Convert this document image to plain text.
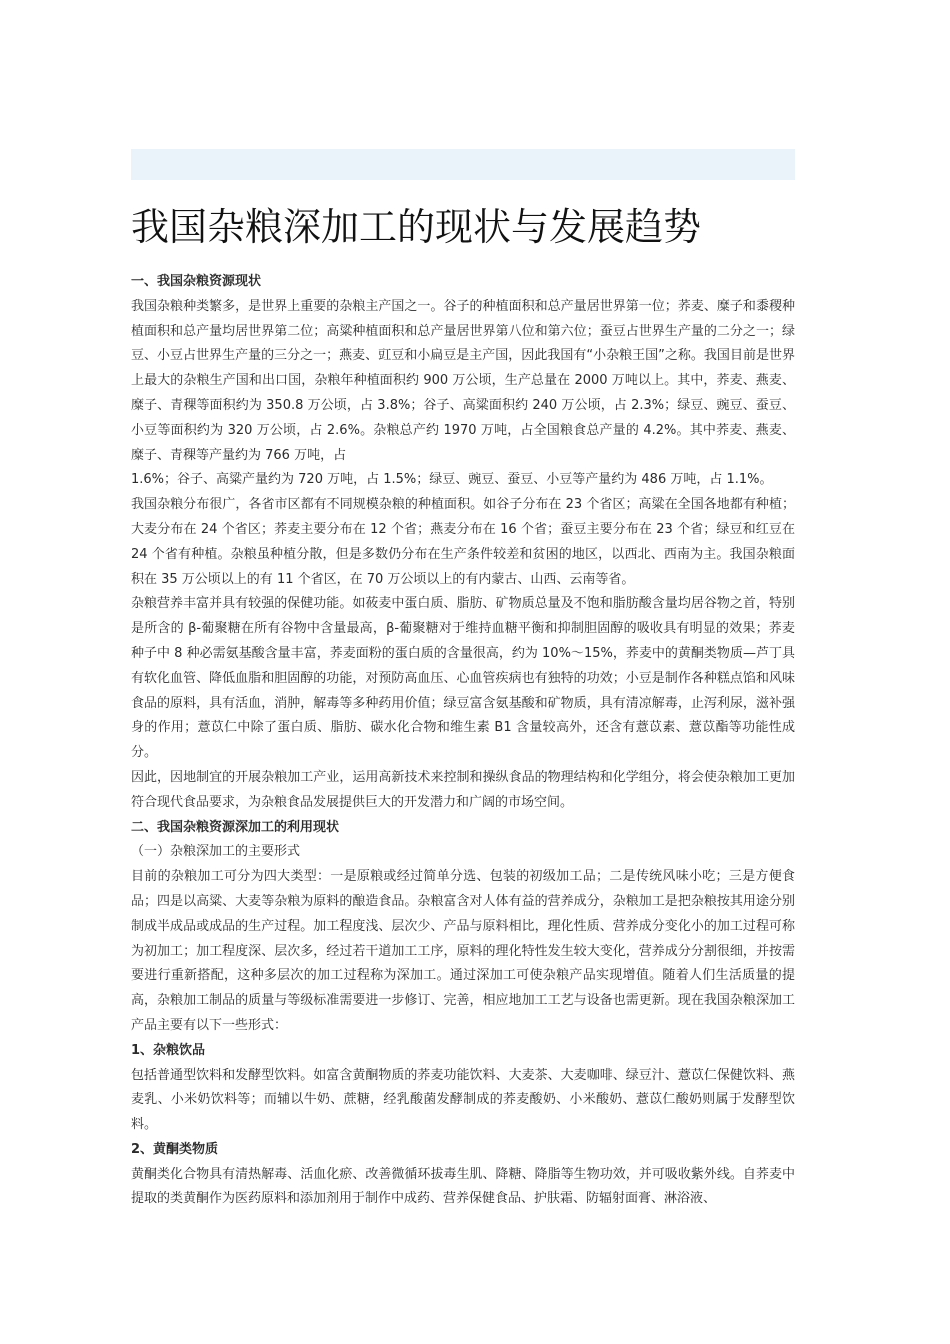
我国杂粮深加工的现状与发展趋势

一、我国杂粮资源现状

我国杂粮种类繁多，是世界上重要的杂粮主产国之一。谷子的种植面积和总产量居世界第一位；荞麦、糜子和黍稷种植面积和总产量均居世界第二位；高粱种植面积和总产量居世界第八位和第六位；蚕豆占世界生产量的二分之一；绿豆、小豆占世界生产量的三分之一；燕麦、豇豆和小扁豆是主产国，因此我国有“小杂粮王国”之称。我国目前是世界上最大的杂粮生产国和出口国，杂粮年种植面积约 900 万公顷，生产总量在 2000 万吨以上。其中，荞麦、燕麦、糜子、青稞等面积约为 350.8 万公顷，占 3.8%；谷子、高粱面积约 240 万公顷，占 2.3%；绿豆、豌豆、蚕豆、小豆等面积约为 320 万公顷，占 2.6%。杂粮总产约 1970 万吨，占全国粮食总产量的 4.2%。其中荞麦、燕麦、糜子、青稞等产量约为 766 万吨，占

1.6%；谷子、高粱产量约为 720 万吨，占 1.5%；绿豆、豌豆、蚕豆、小豆等产量约为 486 万吨，占 1.1%。

我国杂粮分布很广，各省市区都有不同规模杂粮的种植面积。如谷子分布在 23 个省区；高粱在全国各地都有种植；大麦分布在 24 个省区；荞麦主要分布在 12 个省；燕麦分布在 16 个省；蚕豆主要分布在 23 个省；绿豆和红豆在 24 个省有种植。杂粮虽种植分散，但是多数仍分布在生产条件较差和贫困的地区，以西北、西南为主。我国杂粮面积在 35 万公顷以上的有 11 个省区，在 70 万公顷以上的有内蒙古、山西、云南等省。

杂粮营养丰富并具有较强的保健功能。如莜麦中蛋白质、脂肪、矿物质总量及不饱和脂肪酸含量均居谷物之首，特别是所含的 β-葡聚糖在所有谷物中含量最高，β-葡聚糖对于维持血糖平衡和抑制胆固醇的吸收具有明显的效果；荞麦种子中 8 种必需氨基酸含量丰富，荞麦面粉的蛋白质的含量很高，约为 10%～15%，荞麦中的黄酮类物质—芦丁具有软化血管、降低血脂和胆固醇的功能，对预防高血压、心血管疾病也有独特的功效；小豆是制作各种糕点馅和风味食品的原料，具有活血，消肿，解毒等多种药用价值；绿豆富含氨基酸和矿物质，具有清凉解毒，止泻利尿，滋补强身的作用；薏苡仁中除了蛋白质、脂肪、碳水化合物和维生素 B1 含量较高外，还含有薏苡素、薏苡酯等功能性成分。

因此，因地制宜的开展杂粮加工产业，运用高新技术来控制和操纵食品的物理结构和化学组分，将会使杂粮加工更加符合现代食品要求，为杂粮食品发展提供巨大的开发潜力和广阔的市场空间。

二、我国杂粮资源深加工的利用现状

（一）杂粮深加工的主要形式

目前的杂粮加工可分为四大类型：一是原粮或经过简单分选、包装的初级加工品；二是传统风味小吃；三是方便食品；四是以高粱、大麦等杂粮为原料的酿造食品。杂粮富含对人体有益的营养成分，杂粮加工是把杂粮按其用途分别制成半成品或成品的生产过程。加工程度浅、层次少、产品与原料相比，理化性质、营养成分变化小的加工过程可称为初加工；加工程度深、层次多，经过若干道加工工序，原料的理化特性发生较大变化，营养成分分割很细，并按需要进行重新搭配，这种多层次的加工过程称为深加工。通过深加工可使杂粮产品实现增值。随着人们生活质量的提高，杂粮加工制品的质量与等级标准需要进一步修订、完善，相应地加工工艺与设备也需更新。现在我国杂粮深加工产品主要有以下一些形式：

1、杂粮饮品

包括普通型饮料和发酵型饮料。如富含黄酮物质的荞麦功能饮料、大麦茶、大麦咖啡、绿豆汁、薏苡仁保健饮料、燕麦乳、小米奶饮料等；而辅以牛奶、蔗糖，经乳酸菌发酵制成的荞麦酸奶、小米酸奶、薏苡仁酸奶则属于发酵型饮料。

2、黄酮类物质

黄酮类化合物具有清热解毒、活血化瘀、改善微循环拔毒生肌、降糖、降脂等生物功效，并可吸收紫外线。自荞麦中提取的类黄酮作为医药原料和添加剂用于制作中成药、营养保健食品、护肤霜、防辐射面膏、淋浴液、
